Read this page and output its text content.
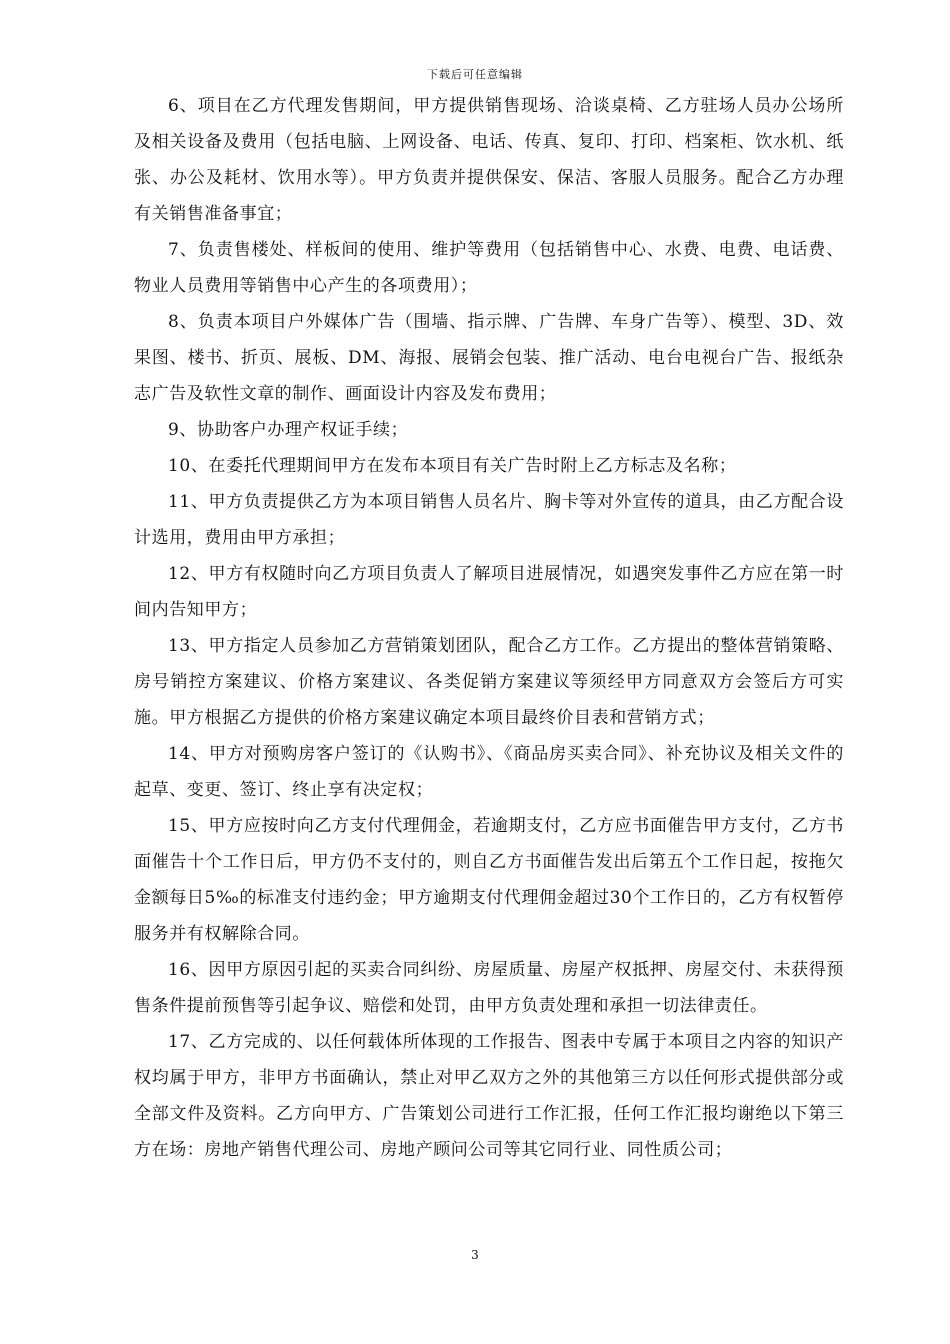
下载后可任意编辑

6、项目在乙方代理发售期间，甲方提供销售现场、洽谈桌椅、乙方驻场人员办公场所及相关设备及费用（包括电脑、上网设备、电话、传真、复印、打印、档案柜、饮水机、纸张、办公及耗材、饮用水等）。甲方负责并提供保安、保洁、客服人员服务。配合乙方办理有关销售准备事宜；

7、负责售楼处、样板间的使用、维护等费用（包括销售中心、水费、电费、电话费、物业人员费用等销售中心产生的各项费用）；

8、负责本项目户外媒体广告（围墙、指示牌、广告牌、车身广告等）、模型、3D、效果图、楼书、折页、展板、DM、海报、展销会包装、推广活动、电台电视台广告、报纸杂志广告及软性文章的制作、画面设计内容及发布费用；

9、协助客户办理产权证手续；

10、在委托代理期间甲方在发布本项目有关广告时附上乙方标志及名称；

11、甲方负责提供乙方为本项目销售人员名片、胸卡等对外宣传的道具，由乙方配合设计选用，费用由甲方承担；

12、甲方有权随时向乙方项目负责人了解项目进展情况，如遇突发事件乙方应在第一时间内告知甲方；

13、甲方指定人员参加乙方营销策划团队，配合乙方工作。乙方提出的整体营销策略、房号销控方案建议、价格方案建议、各类促销方案建议等须经甲方同意双方会签后方可实施。甲方根据乙方提供的价格方案建议确定本项目最终价目表和营销方式；

14、甲方对预购房客户签订的《认购书》、《商品房买卖合同》、补充协议及相关文件的起草、变更、签订、终止享有决定权；

15、甲方应按时向乙方支付代理佣金，若逾期支付，乙方应书面催告甲方支付，乙方书面催告十个工作日后，甲方仍不支付的，则自乙方书面催告发出后第五个工作日起，按拖欠金额每日5‰的标准支付违约金；甲方逾期支付代理佣金超过30个工作日的，乙方有权暂停服务并有权解除合同。

16、因甲方原因引起的买卖合同纠纷、房屋质量、房屋产权抵押、房屋交付、未获得预售条件提前预售等引起争议、赔偿和处罚，由甲方负责处理和承担一切法律责任。

17、乙方完成的、以任何载体所体现的工作报告、图表中专属于本项目之内容的知识产权均属于甲方，非甲方书面确认，禁止对甲乙双方之外的其他第三方以任何形式提供部分或全部文件及资料。乙方向甲方、广告策划公司进行工作汇报，任何工作汇报均谢绝以下第三方在场：房地产销售代理公司、房地产顾问公司等其它同行业、同性质公司；

3
